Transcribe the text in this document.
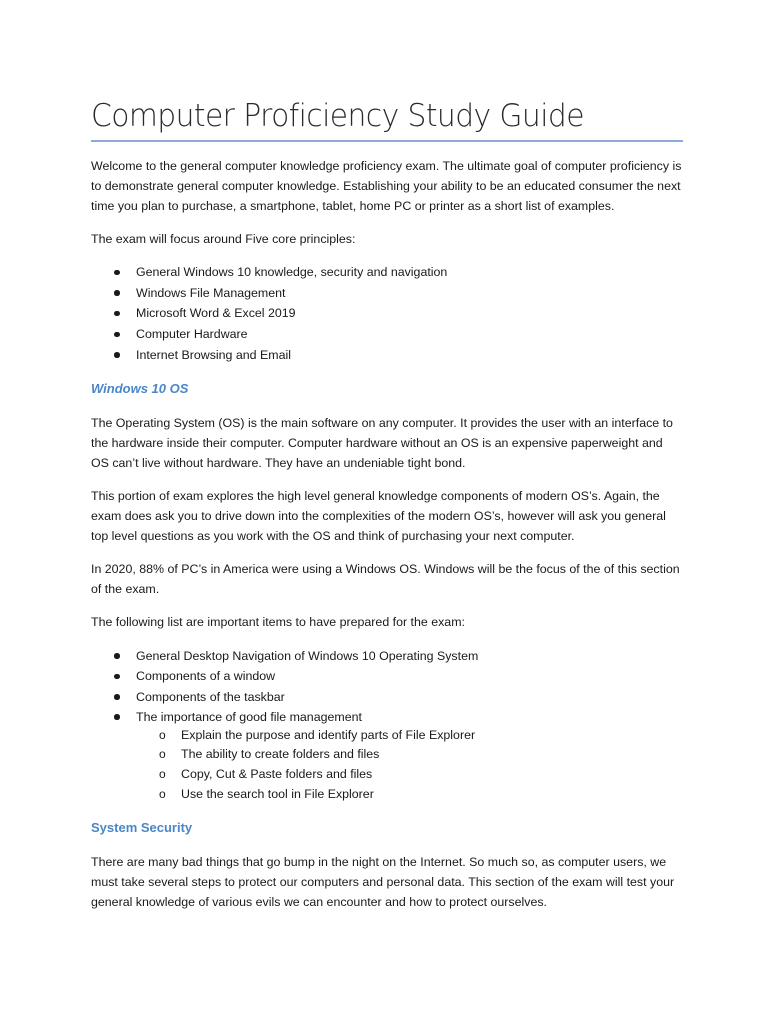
Computer Proficiency Study Guide

Welcome to the general computer knowledge proficiency exam. The ultimate goal of computer proficiency is to demonstrate general computer knowledge. Establishing your ability to be an educated consumer the next time you plan to purchase, a smartphone, tablet, home PC or printer as a short list of examples.

The exam will focus around Five core principles:

General Windows 10 knowledge, security and navigation
Windows File Management
Microsoft Word & Excel 2019
Computer Hardware
Internet Browsing and Email
Windows 10 OS

The Operating System (OS) is the main software on any computer. It provides the user with an interface to the hardware inside their computer. Computer hardware without an OS is an expensive paperweight and OS can’t live without hardware. They have an undeniable tight bond.

This portion of exam explores the high level general knowledge components of modern OS’s. Again, the exam does ask you to drive down into the complexities of the modern OS’s, however will ask you general top level questions as you work with the OS and think of purchasing your next computer.

In 2020, 88% of PC’s in America were using a Windows OS. Windows will be the focus of the of this section of the exam.

The following list are important items to have prepared for the exam:

General Desktop Navigation of Windows 10 Operating System
Components of a window
Components of the taskbar
The importance of good file management
o Explain the purpose and identify parts of File Explorer
o The ability to create folders and files
o Copy, Cut & Paste folders and files
o Use the search tool in File Explorer
System Security

There are many bad things that go bump in the night on the Internet. So much so, as computer users, we must take several steps to protect our computers and personal data. This section of the exam will test your general knowledge of various evils we can encounter and how to protect ourselves.
